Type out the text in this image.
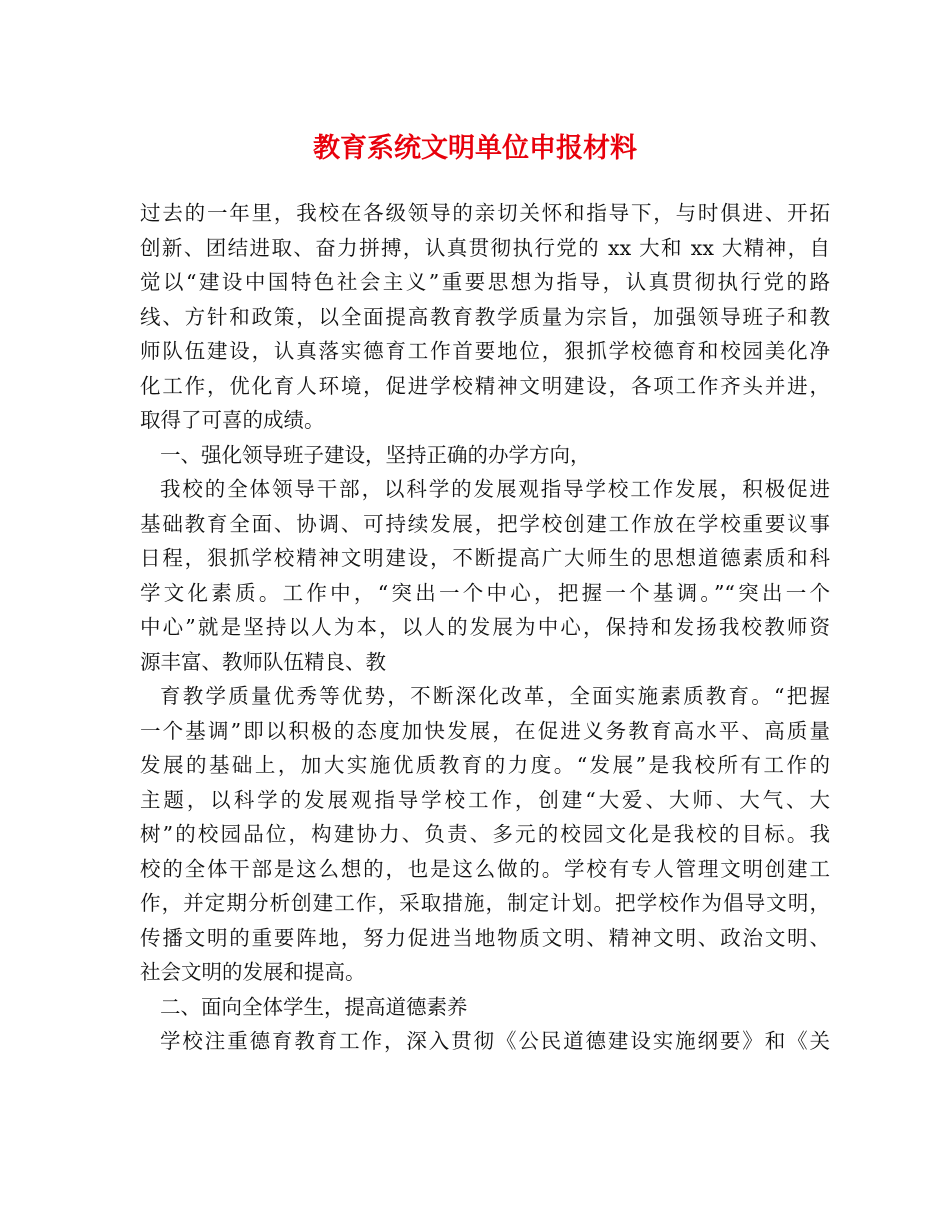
教育系统文明单位申报材料
过去的一年里，我校在各级领导的亲切关怀和指导下，与时俱进、开拓
创新、团结进取、奋力拼搏，认真贯彻执行党的 xx 大和 xx 大精神，自
觉以“建设中国特色社会主义”重要思想为指导，认真贯彻执行党的路
线、方针和政策，以全面提高教育教学质量为宗旨，加强领导班子和教
师队伍建设，认真落实德育工作首要地位，狠抓学校德育和校园美化净
化工作，优化育人环境，促进学校精神文明建设，各项工作齐头并进，
取得了可喜的成绩。
一、强化领导班子建设，坚持正确的办学方向，
我校的全体领导干部，以科学的发展观指导学校工作发展，积极促进
基础教育全面、协调、可持续发展，把学校创建工作放在学校重要议事
日程，狠抓学校精神文明建设，不断提高广大师生的思想道德素质和科
学文化素质。工作中，“突出一个中心，把握一个基调。”“突出一个
中心”就是坚持以人为本，以人的发展为中心，保持和发扬我校教师资
源丰富、教师队伍精良、教
育教学质量优秀等优势，不断深化改革，全面实施素质教育。“把握
一个基调”即以积极的态度加快发展，在促进义务教育高水平、高质量
发展的基础上，加大实施优质教育的力度。“发展”是我校所有工作的
主题，以科学的发展观指导学校工作，创建“大爱、大师、大气、大
树”的校园品位，构建协力、负责、多元的校园文化是我校的目标。我
校的全体干部是这么想的，也是这么做的。学校有专人管理文明创建工
作，并定期分析创建工作，采取措施，制定计划。把学校作为倡导文明，
传播文明的重要阵地，努力促进当地物质文明、精神文明、政治文明、
社会文明的发展和提高。
二、面向全体学生，提高道德素养
学校注重德育教育工作，深入贯彻《公民道德建设实施纲要》和《关
